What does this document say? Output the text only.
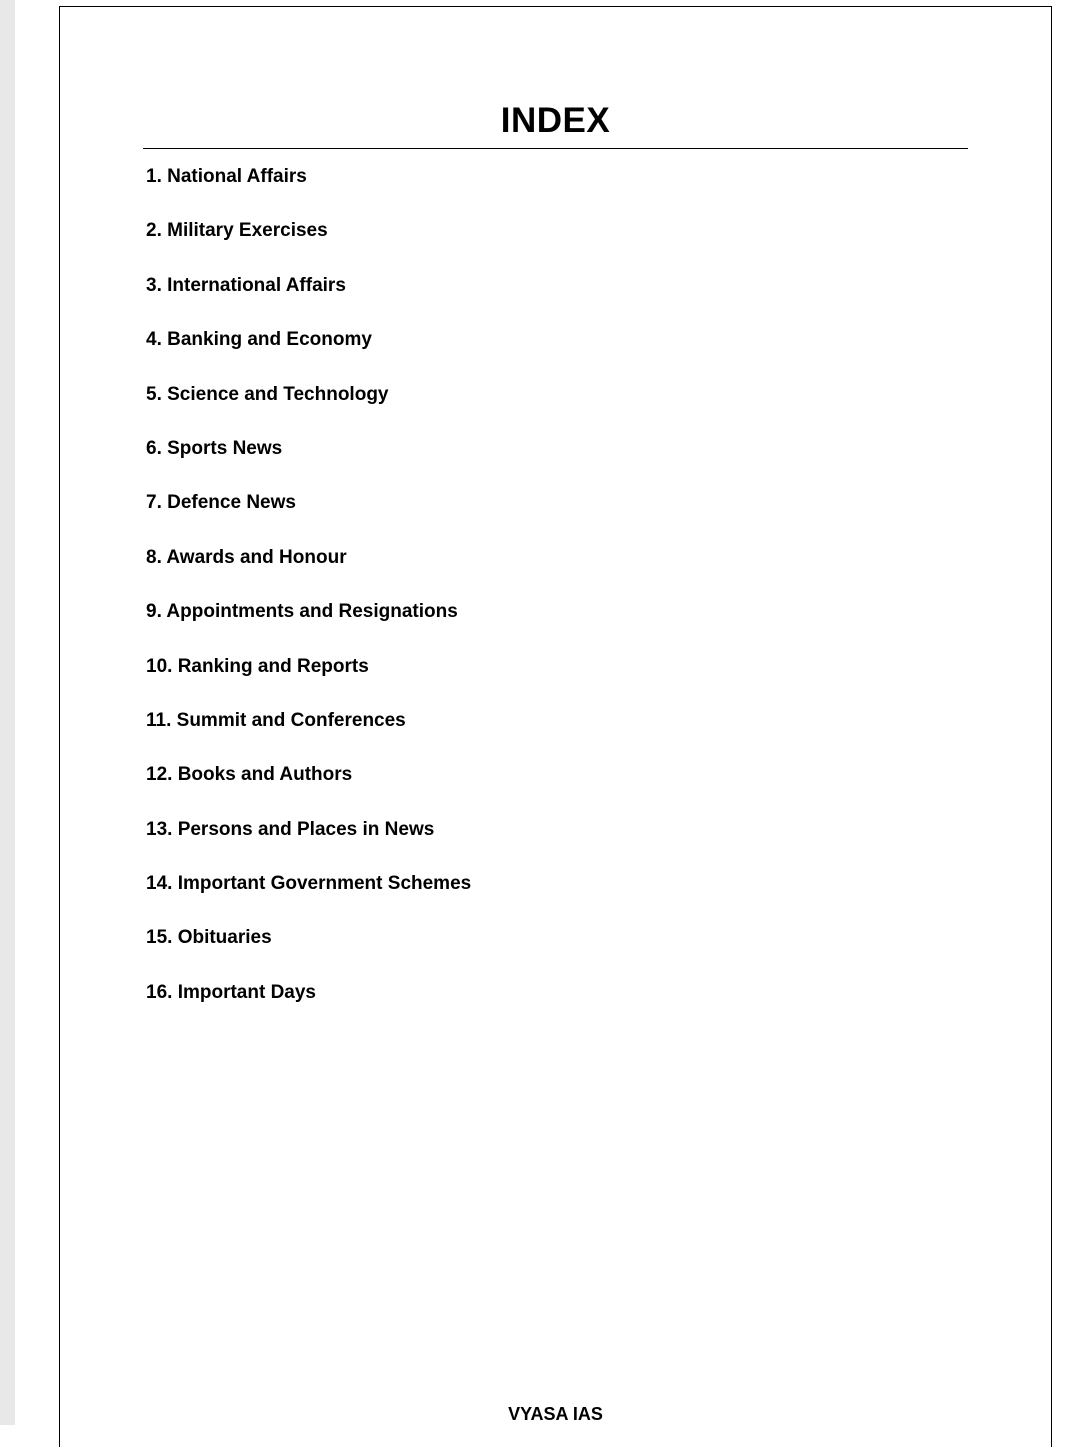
INDEX
1. National Affairs
2. Military Exercises
3. International Affairs
4. Banking and Economy
5. Science and Technology
6. Sports News
7. Defence News
8. Awards and Honour
9. Appointments and Resignations
10. Ranking and Reports
11. Summit and Conferences
12. Books and Authors
13. Persons and Places in News
14. Important Government Schemes
15. Obituaries
16. Important Days
VYASA IAS
